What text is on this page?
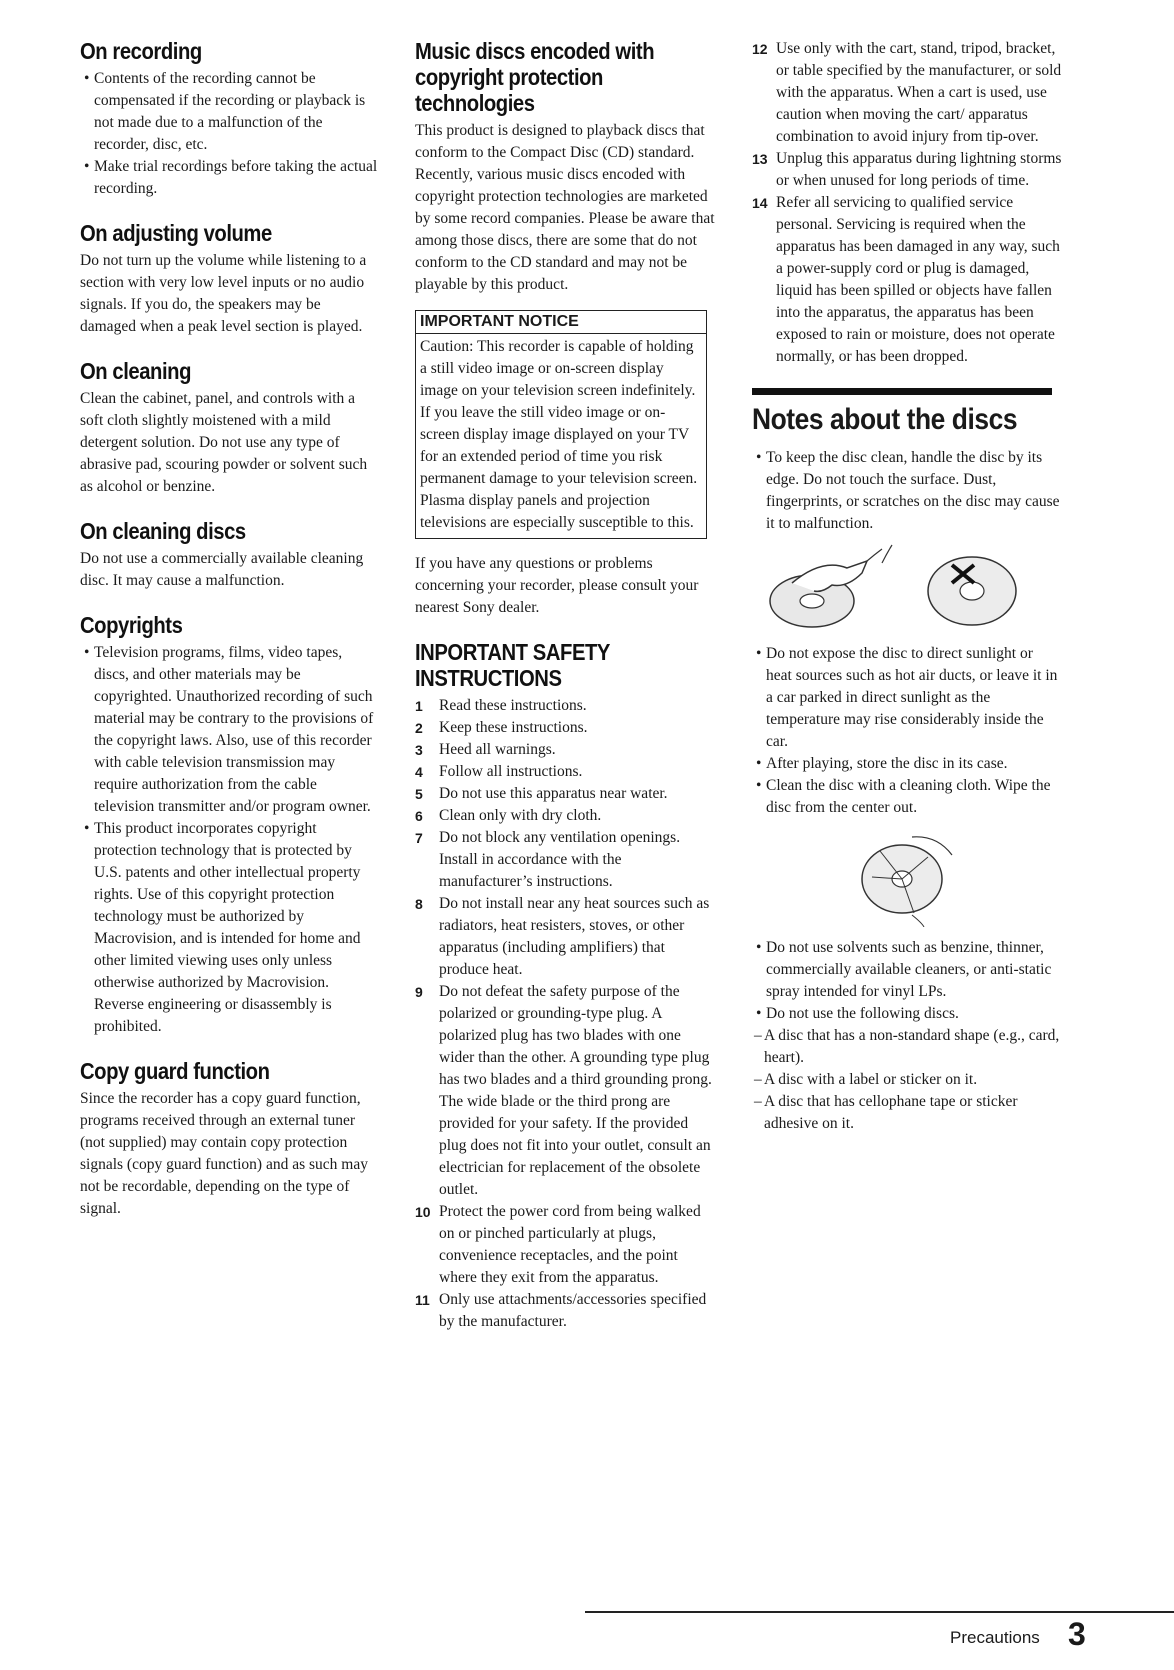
On recording
• Contents of the recording cannot be compensated if the recording or playback is not made due to a malfunction of the recorder, disc, etc.
• Make trial recordings before taking the actual recording.
On adjusting volume

Do not turn up the volume while listening to a section with very low level inputs or no audio signals. If you do, the speakers may be damaged when a peak level section is played.

On cleaning

Clean the cabinet, panel, and controls with a soft cloth slightly moistened with a mild detergent solution. Do not use any type of abrasive pad, scouring powder or solvent such as alcohol or benzine.

On cleaning discs

Do not use a commercially available cleaning disc. It may cause a malfunction.

Copyrights
• Television programs, films, video tapes, discs, and other materials may be copyrighted. Unauthorized recording of such material may be contrary to the provisions of the copyright laws. Also, use of this recorder with cable television transmission may require authorization from the cable television transmitter and/or program owner.
• This product incorporates copyright protection technology that is protected by U.S. patents and other intellectual property rights. Use of this copyright protection technology must be authorized by Macrovision, and is intended for home and other limited viewing uses only unless otherwise authorized by Macrovision. Reverse engineering or disassembly is prohibited.
Copy guard function

Since the recorder has a copy guard function, programs received through an external tuner (not supplied) may contain copy protection signals (copy guard function) and as such may not be recordable, depending on the type of signal.

Music discs encoded with copyright protection technologies

This product is designed to playback discs that conform to the Compact Disc (CD) standard.

Recently, various music discs encoded with copyright protection technologies are marketed by some record companies. Please be aware that among those discs, there are some that do not conform to the CD standard and may not be playable by this product.

IMPORTANT NOTICE
Caution: This recorder is capable of holding a still video image or on-screen display image on your television screen indefinitely. If you leave the still video image or on-screen display image displayed on your TV for an extended period of time you risk permanent damage to your television screen. Plasma display panels and projection televisions are especially susceptible to this.

If you have any questions or problems concerning your recorder, please consult your nearest Sony dealer.

INPORTANT SAFETY INSTRUCTIONS
1 Read these instructions.
2 Keep these instructions.
3 Heed all warnings.
4 Follow all instructions.
5 Do not use this apparatus near water.
6 Clean only with dry cloth.
7 Do not block any ventilation openings. Install in accordance with the manufacturer’s instructions.
8 Do not install near any heat sources such as radiators, heat resisters, stoves, or other apparatus (including amplifiers) that produce heat.
9 Do not defeat the safety purpose of the polarized or grounding-type plug. A polarized plug has two blades with one wider than the other. A grounding type plug has two blades and a third grounding prong. The wide blade or the third prong are provided for your safety. If the provided plug does not fit into your outlet, consult an electrician for replacement of the obsolete outlet.
10 Protect the power cord from being walked on or pinched particularly at plugs, convenience receptacles, and the point where they exit from the apparatus.
11 Only use attachments/accessories specified by the manufacturer.
12 Use only with the cart, stand, tripod, bracket, or table specified by the manufacturer, or sold with the apparatus. When a cart is used, use caution when moving the cart/ apparatus combination to avoid injury from tip-over.
13 Unplug this apparatus during lightning storms or when unused for long periods of time.
14 Refer all servicing to qualified service personal. Servicing is required when the apparatus has been damaged in any way, such a power-supply cord or plug is damaged, liquid has been spilled or objects have fallen into the apparatus, the apparatus has been exposed to rain or moisture, does not operate normally, or has been dropped.
Notes about the discs
• To keep the disc clean, handle the disc by its edge. Do not touch the surface. Dust, fingerprints, or scratches on the disc may cause it to malfunction.
• Do not expose the disc to direct sunlight or heat sources such as hot air ducts, or leave it in a car parked in direct sunlight as the temperature may rise considerably inside the car.
• After playing, store the disc in its case.
• Clean the disc with a cleaning cloth. Wipe the disc from the center out.
• Do not use solvents such as benzine, thinner, commercially available cleaners, or anti-static spray intended for vinyl LPs.
• Do not use the following discs.
– A disc that has a non-standard shape (e.g., card, heart).
– A disc with a label or sticker on it.
– A disc that has cellophane tape or sticker adhesive on it.
Precautions 3
